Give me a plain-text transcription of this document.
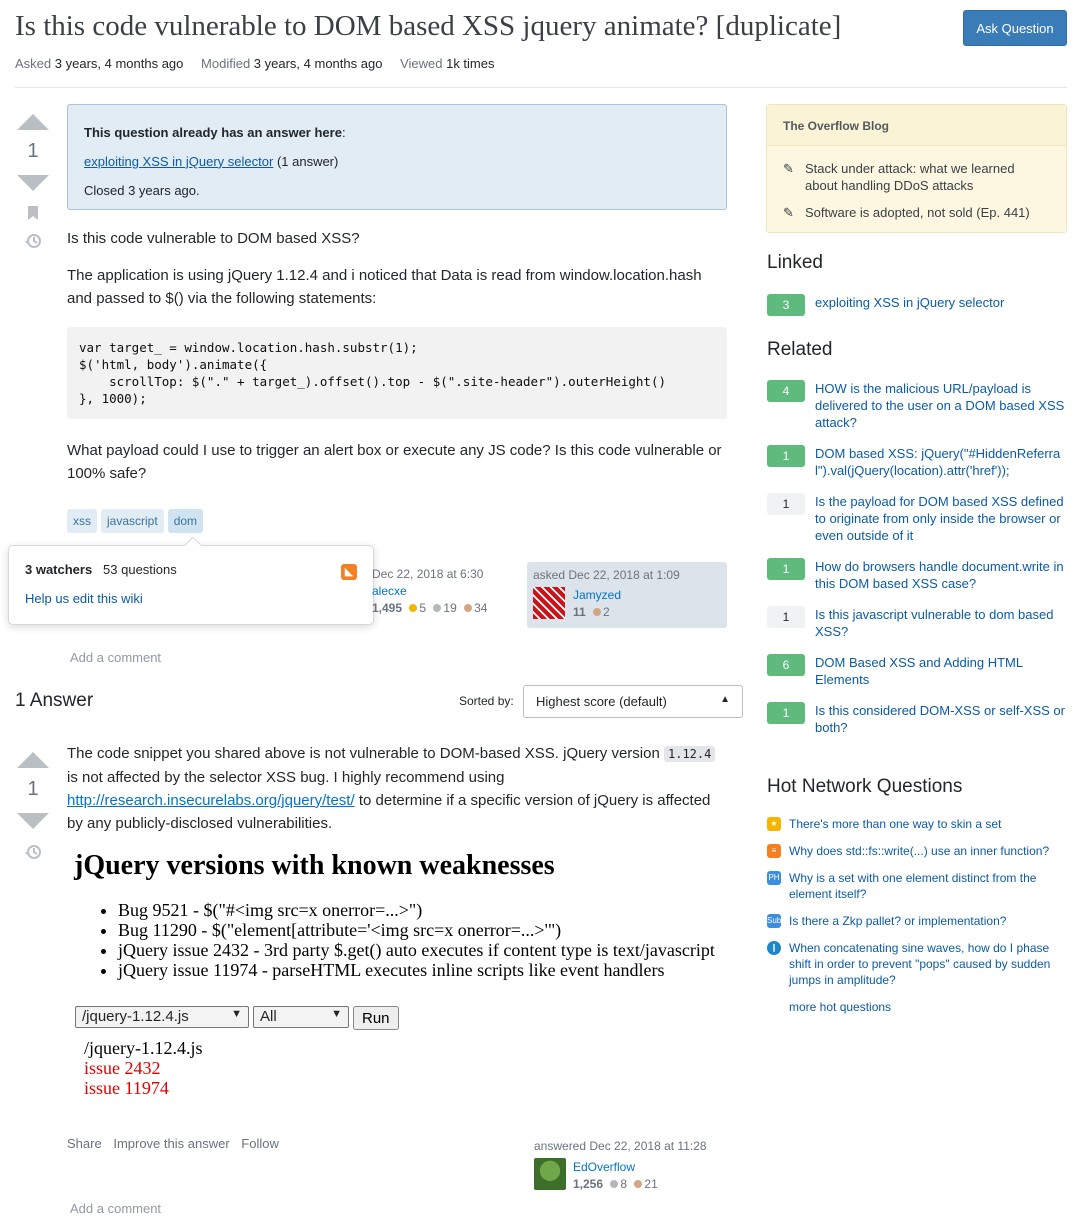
Is this code vulnerable to DOM based XSS jquery animate? [duplicate]	Ask Question
Asked 3 years, 4 months ago Modified 3 years, 4 months ago Viewed 1k times
1
This question already has an answer here:
exploiting XSS in jQuery selector (1 answer)
Closed 3 years ago.

Is this code vulnerable to DOM based XSS?

The application is using jQuery 1.12.4 and i noticed that Data is read from window.location.hash and passed to $() via the following statements:

var target_ = window.location.hash.substr(1);
$('html, body').animate({
scrollTop: $("." + target_).offset().top - $(".site-header").outerHeight()
}, 1000);

What payload could I use to trigger an alert box or execute any JS code? Is this code vulnerable or 100% safe?

xss	javascript	dom
3 watchers 53 questions	◣
Help us edit this wiki
Dec 22, 2018 at 6:30
alecxe
1,495 5 19 34
asked Dec 22, 2018 at 1:09
Jamyzed
11 2
Add a comment
1 Answer	Sorted by:	Highest score (default)	▲

1

The code snippet you shared above is not vulnerable to DOM-based XSS. jQuery version 1.12.4 is not affected by the selector XSS bug. I highly recommend using http://research.insecurelabs.org/jquery/test/ to determine if a specific version of jQuery is affected by any publicly-disclosed vulnerabilities.

jQuery versions with known weaknesses
• Bug 9521 - $("#<img src=x onerror=...>")
• Bug 11290 - $("element[attribute='<img src=x onerror=...>'")
• jQuery issue 2432 - 3rd party $.get() auto executes if content type is text/javascript
• jQuery issue 11974 - parseHTML executes inline scripts like event handlers
/jquery-1.12.4.js	▼	All	▼	Run
/jquery-1.12.4.js
issue 2432
issue 11974
Share Improve this answer Follow	answered Dec 22, 2018 at 11:28
EdOverflow
1,256 8 21
Add a comment
The Overflow Blog
✎ Stack under attack: what we learned about handling DDoS attacks
✎ Software is adopted, not sold (Ep. 441)
Linked
3	exploiting XSS in jQuery selector
Related
4	HOW is the malicious URL/payload is delivered to the user on a DOM based XSS attack?
1	DOM based XSS: jQuery("#HiddenReferral").val(jQuery(location).attr('href'));
1	Is the payload for DOM based XSS defined to originate from only inside the browser or even outside of it
1	How do browsers handle document.write in this DOM based XSS case?
1	Is this javascript vulnerable to dom based XSS?
6	DOM Based XSS and Adding HTML Elements
1	Is this considered DOM-XSS or self-XSS or both?
Hot Network Questions
★ There's more than one way to skin a set
≡	Why does std::fs::write(...) use an inner function?
PH Why is a set with one element distinct from the element itself?
Sub Is there a Zkp pallet? or implementation?
∥	When concatenating sine waves, how do I phase shift in order to prevent "pops" caused by sudden jumps in amplitude?
more hot questions
